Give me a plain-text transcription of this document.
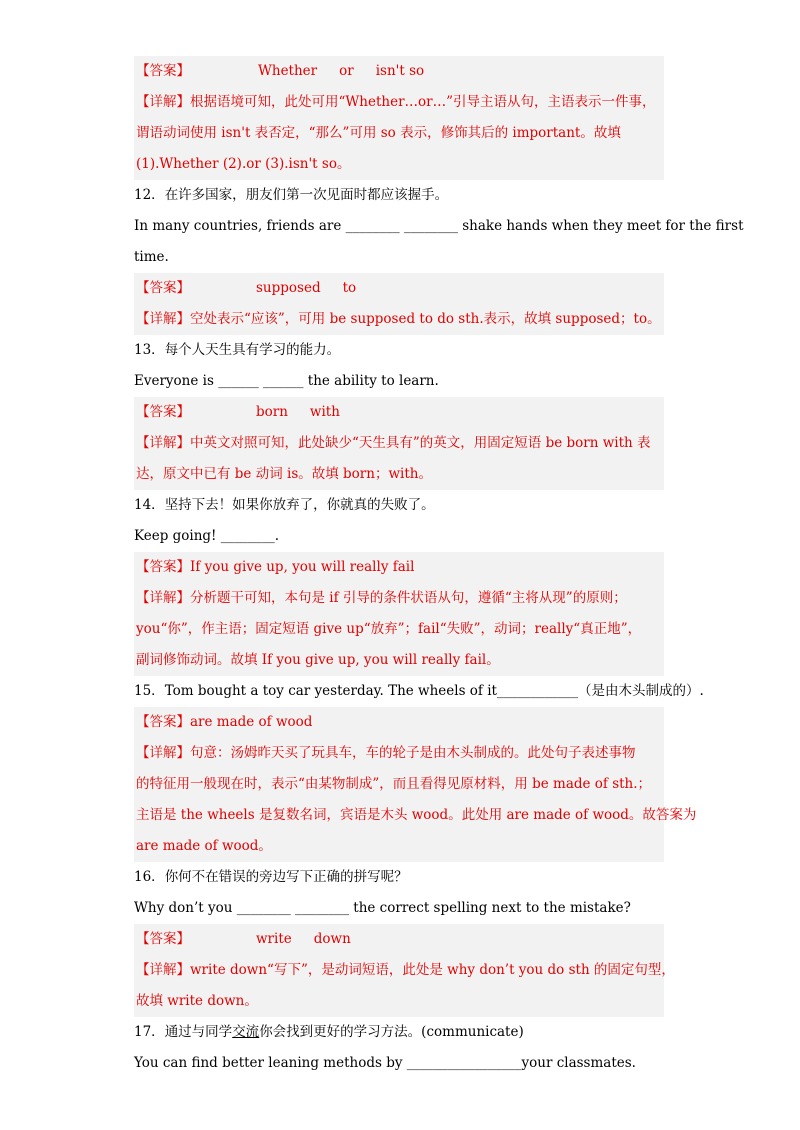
【答案】	Whether or isn't so
【详解】根据语境可知，此处可用“Whether…or…”引导主语从句，主语表示一件事，
谓语动词使用 isn't 表否定，“那么”可用 so 表示，修饰其后的 important。故填
(1).Whether (2).or (3).isn't so。
12．在许多国家，朋友们第一次见面时都应该握手。
In many countries, friends are ________ ________ shake hands when they meet for the first
time.
【答案】	supposed to
【详解】空处表示“应该”，可用 be supposed to do sth.表示，故填 supposed；to。
13．每个人天生具有学习的能力。
Everyone is ______ ______ the ability to learn.
【答案】	born with
【详解】中英文对照可知，此处缺少“天生具有”的英文，用固定短语 be born with 表
达，原文中已有 be 动词 is。故填 born；with。
14．坚持下去！如果你放弃了，你就真的失败了。
Keep going! ________.
【答案】If you give up, you will really fail
【详解】分析题干可知，本句是 if 引导的条件状语从句，遵循“主将从现”的原则；
you“你”，作主语；固定短语 give up“放弃”；fail“失败”，动词；really“真正地”，
副词修饰动词。故填 If you give up, you will really fail。
15．Tom bought a toy car yesterday. The wheels of it____________（是由木头制成的）.
【答案】are made of wood
【详解】句意：汤姆昨天买了玩具车，车的轮子是由木头制成的。此处句子表述事物
的特征用一般现在时，表示“由某物制成”，而且看得见原材料，用 be made of sth.；
主语是 the wheels 是复数名词，宾语是木头 wood。此处用 are made of wood。故答案为
are made of wood。
16．你何不在错误的旁边写下正确的拼写呢？
Why don’t you ________ ________ the correct spelling next to the mistake?
【答案】	write down
【详解】write down“写下”，是动词短语，此处是 why don’t you do sth 的固定句型，
故填 write down。
17．通过与同学交流你会找到更好的学习方法。(communicate)
You can find better leaning methods by _________________your classmates.
